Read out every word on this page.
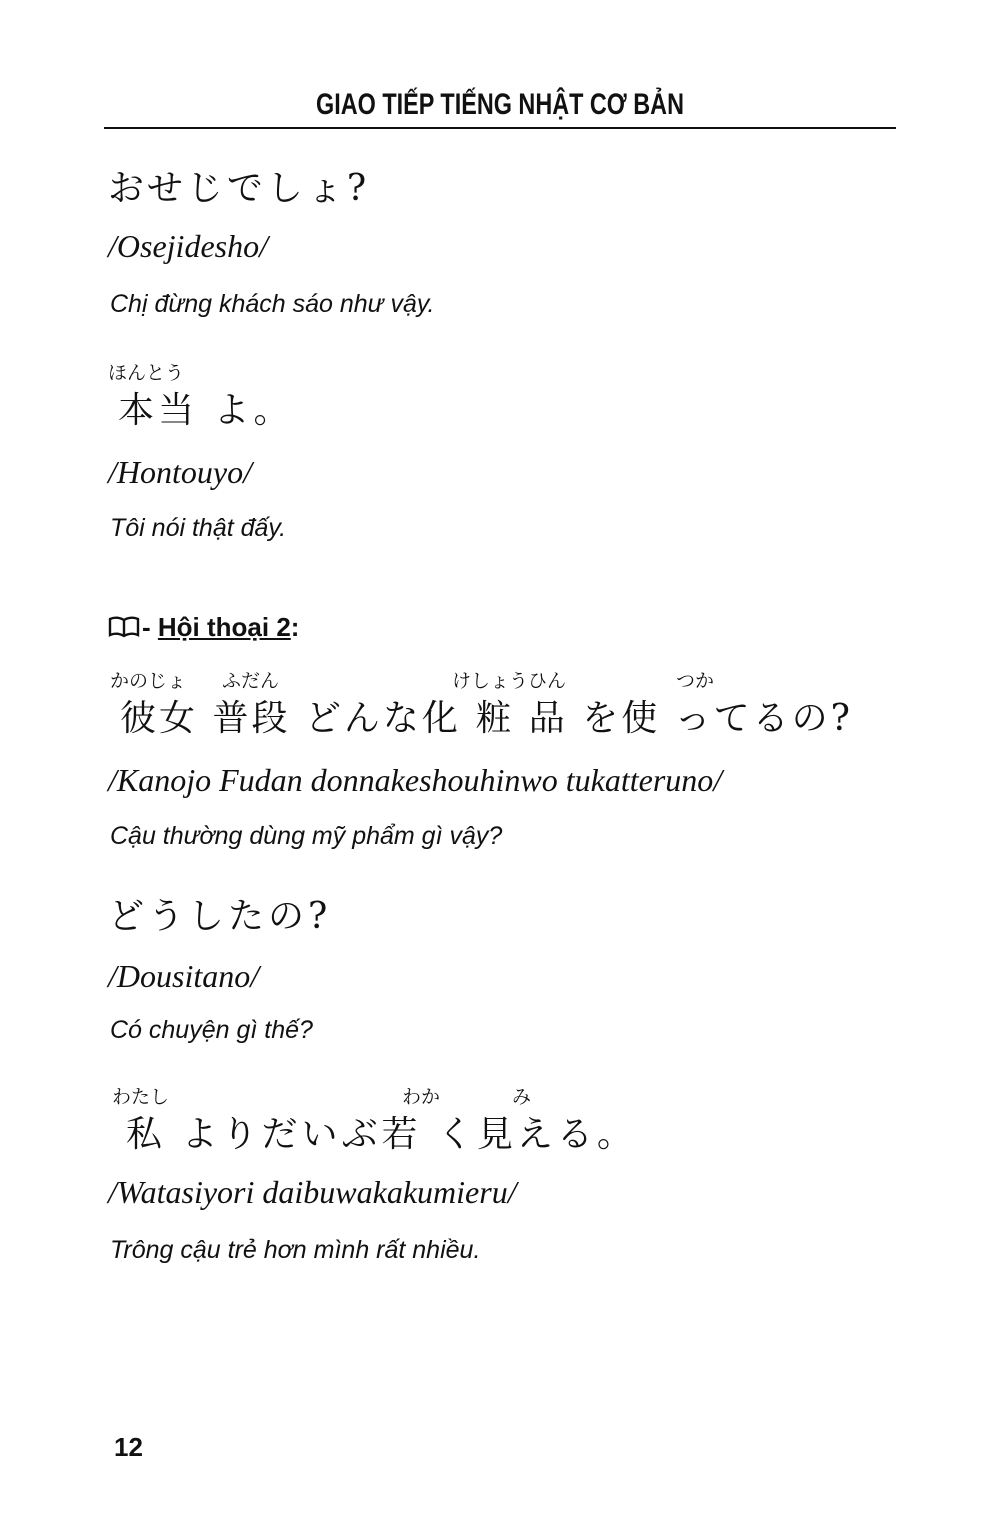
GIAO TIẾP TIẾNG NHẬT CƠ BẢN
おせじでしょ?
/Osejidesho/
Chị đừng khách sáo như vậy.
ほんとう
本当 よ。
/Hontouyo/
Tôi nói thật đấy.
- Hội thoại 2:
かのじょ ふだん	けしょうひん	つか
彼女 普段 どんな化 粧 品 を使 ってるの?
/Kanojo Fudan donnakeshouhinwo tukatteruno/
Cậu thường dùng mỹ phẩm gì vậy?
どうしたの?
/Dousitano/
Có chuyện gì thế?
わたし	わか	み
私 よりだいぶ若 く見える。
/Watasiyori daibuwakakumieru/
Trông cậu trẻ hơn mình rất nhiều.
12
